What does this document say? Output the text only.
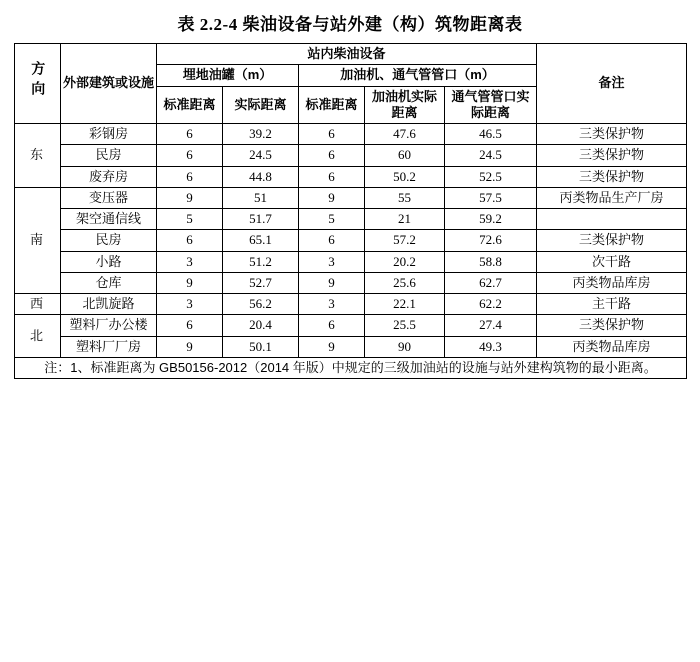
表 2.2-4 柴油设备与站外建（构）筑物距离表
方向	外部建筑或设施	站内柴油设备					备注
		埋地油罐（m）		加油机、通气管管口（m）			
		标准距离	实际距离	标准距离	加油机实际距离	通气管管口实际距离	
东	彩钢房	6	39.2	6	47.6	46.5	三类保护物
	民房	6	24.5	6	60	24.5	三类保护物
	废弃房	6	44.8	6	50.2	52.5	三类保护物
南	变压器	9	51	9	55	57.5	丙类物品生产厂房
	架空通信线	5	51.7	5	21	59.2	
	民房	6	65.1	6	57.2	72.6	三类保护物
	小路	3	51.2	3	20.2	58.8	次干路
	仓库	9	52.7	9	25.6	62.7	丙类物品库房
西	北凯旋路	3	56.2	3	22.1	62.2	主干路
北	塑料厂办公楼	6	20.4	6	25.5	27.4	三类保护物
	塑料厂厂房	9	50.1	9	90	49.3	丙类物品库房
注：1、标准距离为 GB50156-2012（2014 年版）中规定的三级加油站的设施与站外建构筑物的最小距离。							
